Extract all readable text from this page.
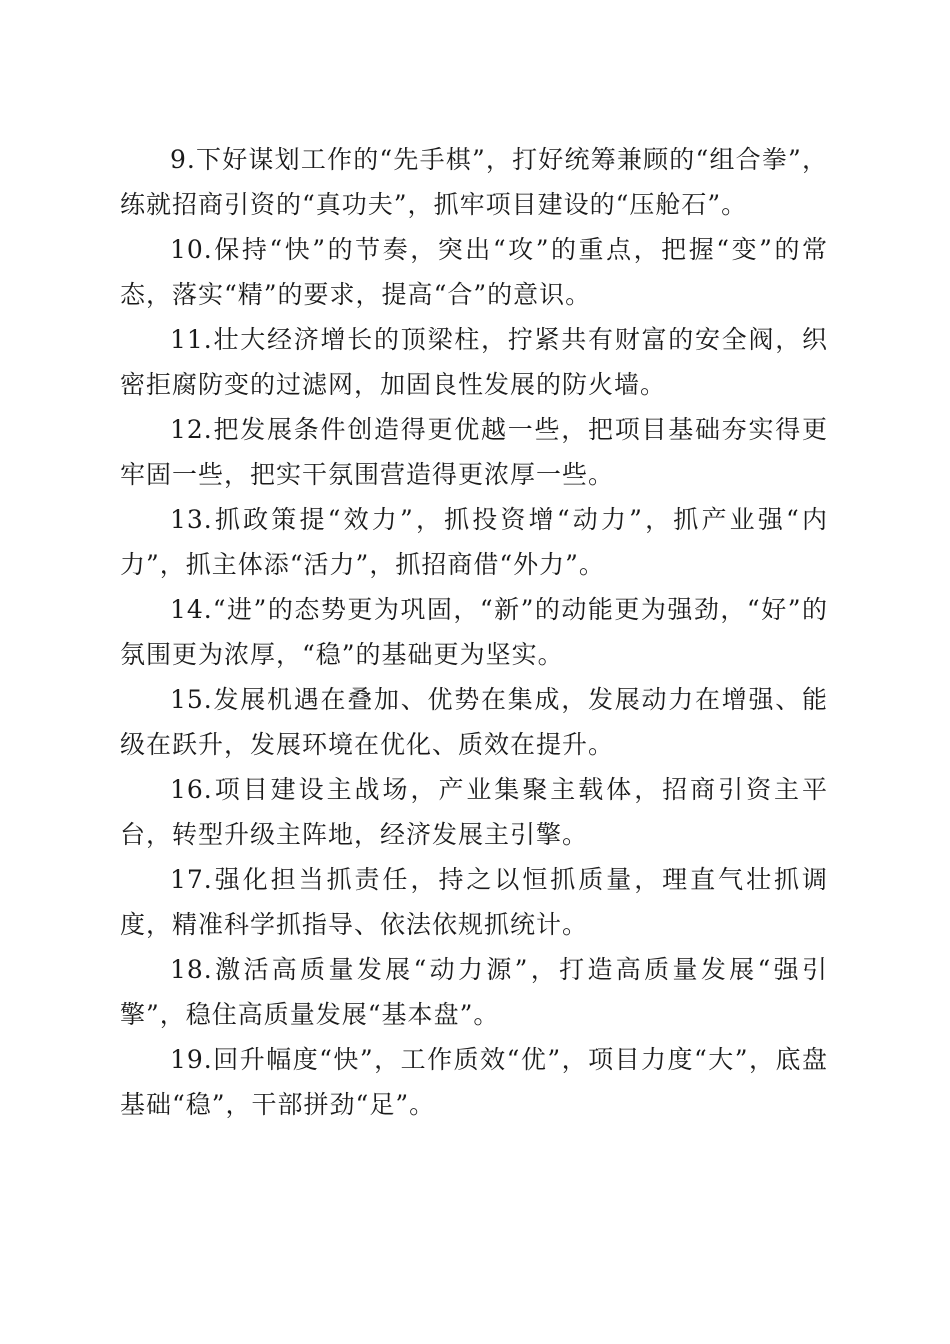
9.下好谋划工作的“先手棋”，打好统筹兼顾的“组合拳”，练就招商引资的“真功夫”，抓牢项目建设的“压舱石”。

10.保持“快”的节奏，突出“攻”的重点，把握“变”的常态，落实“精”的要求，提高“合”的意识。

11.壮大经济增长的顶梁柱，拧紧共有财富的安全阀，织密拒腐防变的过滤网，加固良性发展的防火墙。

12.把发展条件创造得更优越一些，把项目基础夯实得更牢固一些，把实干氛围营造得更浓厚一些。

13.抓政策提“效力”，抓投资增“动力”，抓产业强“内力”，抓主体添“活力”，抓招商借“外力”。

14.“进”的态势更为巩固，“新”的动能更为强劲，“好”的氛围更为浓厚，“稳”的基础更为坚实。

15.发展机遇在叠加、优势在集成，发展动力在增强、能级在跃升，发展环境在优化、质效在提升。

16.项目建设主战场，产业集聚主载体，招商引资主平台，转型升级主阵地，经济发展主引擎。

17.强化担当抓责任，持之以恒抓质量，理直气壮抓调度，精准科学抓指导、依法依规抓统计。

18.激活高质量发展“动力源”，打造高质量发展“强引擎”，稳住高质量发展“基本盘”。

19.回升幅度“快”，工作质效“优”，项目力度“大”，底盘基础“稳”，干部拼劲“足”。
